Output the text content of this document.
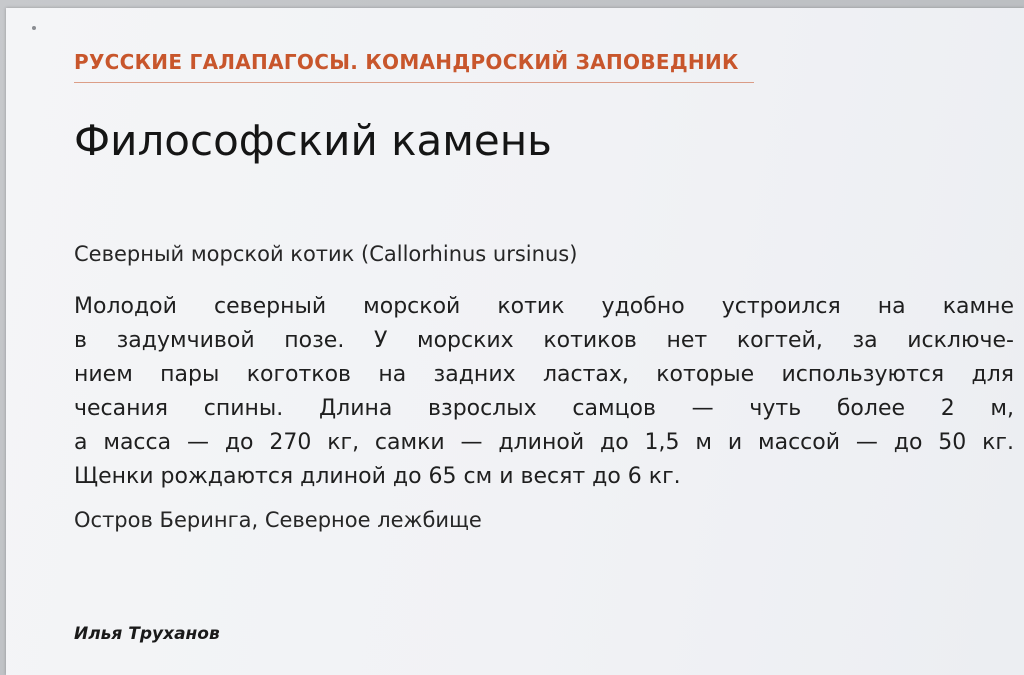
РУССКИЕ ГАЛАПАГОСЫ. КОМАНДРОСКИЙ ЗАПОВЕДНИК
Философский камень
Северный морской котик (Callorhinus ursinus)
Молодой северный морской котик удобно устроился на камне
в задумчивой позе. У морских котиков нет когтей, за исключе-
нием пары коготков на задних ластах, которые используются для
чесания спины. Длина взрослых самцов — чуть более 2 м,
а масса — до 270 кг, самки — длиной до 1,5 м и массой — до 50 кг.
Щенки рождаются длиной до 65 см и весят до 6 кг.
Остров Беринга, Северное лежбище
Илья Труханов
